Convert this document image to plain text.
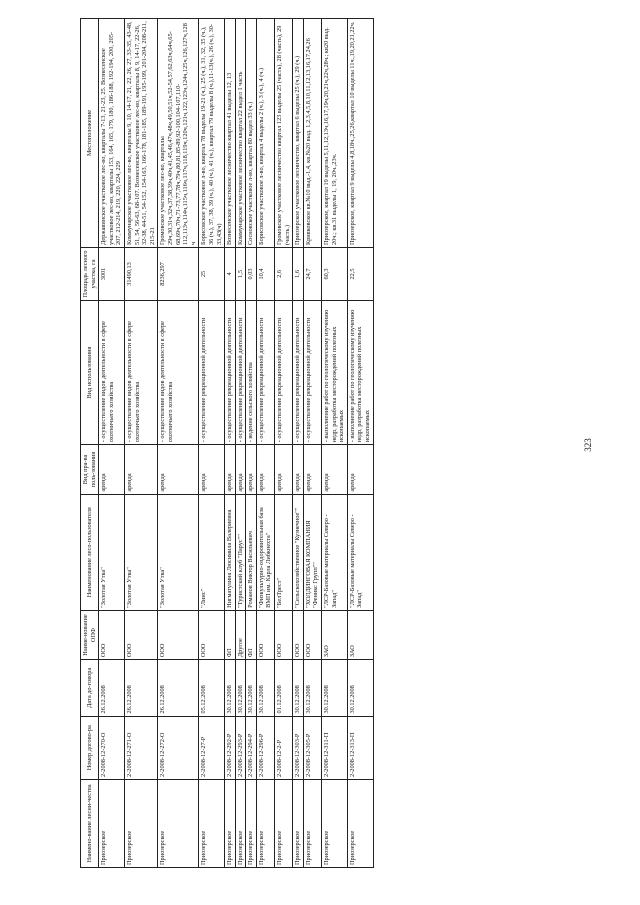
Наимено-вание лесни-чества	Номер догово-ра	Дата до-говора	Наиме-нование ОПФ	Наименование лесо-пользователя	Вид пра-ва поль-зования	Вид использования	Площадь лесного участка, га	Местоположение
Приозерское	2-2008-12-270-О	26.12.2008	ООО	"Золотая Утка"	аренда	- осуществление видов деятельности в сфере охотничьего хозяйства	3001	Державинское участковое лес-во, кварталы 7-13, 21-23, 25. Вознесенское участковое лес-во, кварталы 153, 164, 165, 179, 180, 186-188, 192-194, 200, 205-207, 212-214, 219, 220, 224, 229
Приозерское	2-2008-12-271-О	26.12.2008	ООО	"Золотая Утка"	аренда	- осуществление видов деятельности в сфере охотничьего хозяйства	31490,13	Коммунарское участковое лес-во, кварталы 9, 10, 14-17, 21, 22, 26, 27, 33-35, 43-48, 51, 54, 56-63, 68-107. Вознесенское участковое лес-во, кварталы 8, 9, 14-17, 22-26, 32-38, 44-51, 54-152, 154-163, 166-178, 181-185, 189-191, 195-199, 201-204, 208-211, 215-21
Приозерское	2-2008-12-272-О	26.12.2008	ООО	"Золотая Утка"	аренда	- осуществление видов деятельности в сфере охотничьего хозяйства	8236,297	Громовское участковое лес-во, кварталы 29ч,30,31ч,32ч,37,38,39ч,40ч,41,45,46,47ч,48ч,49,50,51ч,52-54,57,62,63ч,64ч,65-68,69ч,70ч,71-73,77,78ч,79ч,80,81,85-89,92-100,104-107,110-112,113ч,114ч,115ч,116ч,117ч,118,119ч,120ч,121ч,122,123ч,124ч,125ч,126,127ч,128ч
Приозерское	2-2008-12-27-Р	05.12.2008	ООО	"Лиис"	аренда	- осуществление рекреационной деятельности	25	Борисовское участковое л-во, квартал 78 выделы 19-21 (ч.), 25 (ч.), 31, 32, 35 (ч.), 36 (ч.), 37, 38, 39 (ч.), 40 (ч.), 41 (ч.), квартал 79 выделы 8 (ч.),11-13(ч.), 26 (ч.), 30-33,43(ч)
Приозерское	2-2008-12-292-Р	30.12.2008	ФЛ	Нигматулина Люсимила Валериевна	аренда	- осуществление рекреационной деятельности	4	Вознесенское участковое лесничество квартал 41 выделы 12, 13
Приозерское	2-2008-12-293-Р	30.12.2008	Другое	"Туристский клуб "Парус""	аренда	- осуществление рекреационной деятельности	1,5	Коммунарское участковое лесничество квартал 22 выдел 1 часть
Приозерское	2-2008-12-294-Р	30.12.2008	ФЛ	Романов Виктор Васильевич	аренда	- ведение сельского хозяйства	0,03	Сосновское участковое л-во, квартал 80 выдел 33 (ч.)
Приозерское	2-2008-12-296-Р	30.12.2008	ООО	"Физкультурно-оздоровительная база ВМП им. Карла Либкнехта"	аренда	- осуществление рекреационной деятельности	10,4	Борисовское участковое л-во, квартал 4 выделы 2 (ч.), 3 (ч.), 4 (ч.)
Приозерское	2-2008-12-2-Р	01.12.2008	ООО	"БелТрест"	аренда	- осуществление рекреационной деятельности	2,6	Громовское участковое лесничество квартал 123 выделы 25 (часть), 28 (часть), 29 (часть.)
Приозерское	2-2008-12-303-Р	30.12.2008	ООО	"Сельскохозяйственное "Кузнечное""	аренда	- осуществление рекреационной деятельности	1,6	Приозерское участковое лесничество, квартал 6 выделы 25 (ч.), 29 (ч.)
Приозерское	2-2008-12-305-Р	30.12.2008	ООО	"ХОЛДИНГОВАЯ КОМПАНИЯ "Феникс Групп""	аренда	- осуществление рекреационной деятельности	24,7	Кривковское кв.№10 выд.-1,4, кв.№20 выд. 1,2,3,4,5,8,10,11,12,13,16,17,24,26
Приозерское	2-2008-12-311-П	30.12.2008	ЗАО	"ЛСР-Базовые материалы Северо - Запад"	аренда	- выполнение работ по геологическому изучению недр, разработка месторождений полезных ископаемых	60,3	Приозерское, квартал 19 выделы 5,11,12,13ч,16,17,19ч,20,21ч,22ч,28ч.; кв20 выд. 20ч.; кв.31 выделы 1, 19, 20ч.,23ч.
Приозерское	2-2008-12-313-П	30.12.2008	ЗАО	"ЛСР-Базовые материалы Северо - Запад"	аренда	- выполнение работ по геологическому изучению недр, разработка месторождений полезных ископаемых	22,5	Приозерское, квартал 9 выделы 4,8,18ч.,25,26,квартал 10 выделы 11ч.,19,20,21,22ч.
323
